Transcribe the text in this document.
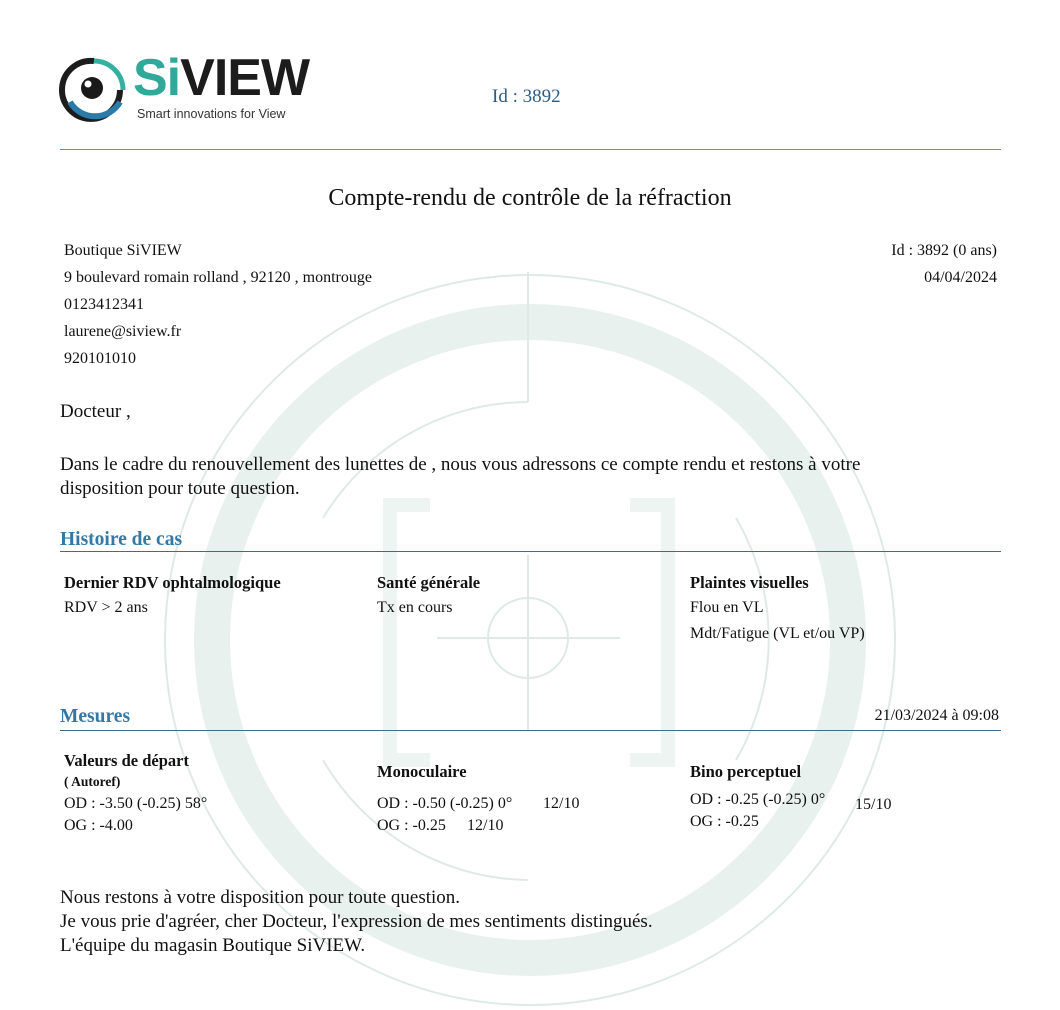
SiVIEW
Smart innovations for View
Id : 3892
Compte-rendu de contrôle de la réfraction
Boutique SiVIEW
9 boulevard romain rolland , 92120 , montrouge
0123412341
laurene@siview.fr
920101010
Id : 3892 (0 ans)
04/04/2024
Docteur ,
Dans le cadre du renouvellement des lunettes de , nous vous adressons ce compte rendu et restons à votre
disposition pour toute question.
Histoire de cas
Dernier RDV ophtalmologique
RDV > 2 ans
Santé générale
Tx en cours
Plaintes visuelles
Flou en VL
Mdt/Fatigue (VL et/ou VP)
Mesures	21/03/2024 à 09:08
Valeurs de départ
( Autoref)
OD : -3.50 (-0.25) 58°
OG : -4.00
Monoculaire
OD : -0.50 (-0.25) 0° 12/10
OG : -0.25 12/10
Bino perceptuel
OD : -0.25 (-0.25) 0° 15/10
OG : -0.25
Nous restons à votre disposition pour toute question.
Je vous prie d'agréer, cher Docteur, l'expression de mes sentiments distingués.
L'équipe du magasin Boutique SiVIEW.
